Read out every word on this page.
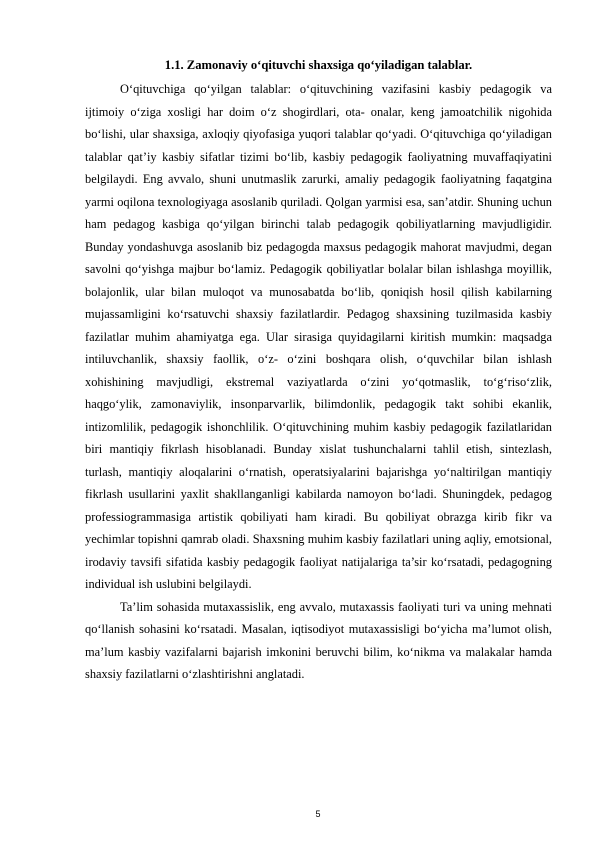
1.1. Zamonaviy o‘qituvchi shaxsiga qo‘yiladigan talablar.

O‘qituvchiga qo‘yilgan talablar: o‘qituvchining vazifasini kasbiy pedagogik va ijtimoiy o‘ziga xosligi har doim o‘z shogirdlari, ota- onalar, keng jamoatchilik nigohida bo‘lishi, ular shaxsiga, axloqiy qiyofasiga yuqori talablar qo‘yadi. O‘qituvchiga qo‘yiladigan talablar qat’iy kasbiy sifatlar tizimi bo‘lib, kasbiy pedagogik faoliyatning muvaffaqiyatini belgilaydi. Eng avvalo, shuni unutmaslik zarurki, amaliy pedagogik faoliyatning faqatgina yarmi oqilona texnologiyaga asoslanib quriladi. Qolgan yarmisi esa, san’atdir. Shuning uchun ham pedagog kasbiga qo‘yilgan birinchi talab pedagogik qobiliyatlarning mavjudligidir. Bunday yondashuvga asoslanib biz pedagogda maxsus pedagogik mahorat mavjudmi, degan savolni qo‘yishga majbur bo‘lamiz. Pedagogik qobiliyatlar bolalar bilan ishlashga moyillik, bolajonlik, ular bilan muloqot va munosabatda bo‘lib, qoniqish hosil qilish kabilarning mujassamligini ko‘rsatuvchi shaxsiy fazilatlardir. Pedagog shaxsining tuzilmasida kasbiy fazilatlar muhim ahamiyatga ega. Ular sirasiga quyidagilarni kiritish mumkin: maqsadga intiluvchanlik, shaxsiy faollik, o‘z- o‘zini boshqara olish, o‘quvchilar bilan ishlash xohishining mavjudligi, ekstremal vaziyatlarda o‘zini yo‘qotmaslik, to‘g‘riso‘zlik, haqgo‘ylik, zamonaviylik, insonparvarlik, bilimdonlik, pedagogik takt sohibi ekanlik, intizomlilik, pedagogik ishonchlilik. O‘qituvchining muhim kasbiy pedagogik fazilatlaridan biri mantiqiy fikrlash hisoblanadi. Bunday xislat tushunchalarni tahlil etish, sintezlash, turlash, mantiqiy aloqalarini o‘rnatish, operatsiyalarini bajarishga yo‘naltirilgan mantiqiy fikrlash usullarini yaxlit shakllanganligi kabilarda namoyon bo‘ladi. Shuningdek, pedagog professiogrammasiga artistik qobiliyati ham kiradi. Bu qobiliyat obrazga kirib fikr va yechimlar topishni qamrab oladi. Shaxsning muhim kasbiy fazilatlari uning aqliy, emotsional, irodaviy tavsifi sifatida kasbiy pedagogik faoliyat natijalariga ta’sir ko‘rsatadi, pedagogning individual ish uslubini belgilaydi.

Ta’lim sohasida mutaxassislik, eng avvalo, mutaxassis faoliyati turi va uning mehnati qo‘llanish sohasini ko‘rsatadi. Masalan, iqtisodiyot mutaxassisligi bo‘yicha ma’lumot olish, ma’lum kasbiy vazifalarni bajarish imkonini beruvchi bilim, ko‘nikma va malakalar hamda shaxsiy fazilatlarni o‘zlashtirishni anglatadi.

5
